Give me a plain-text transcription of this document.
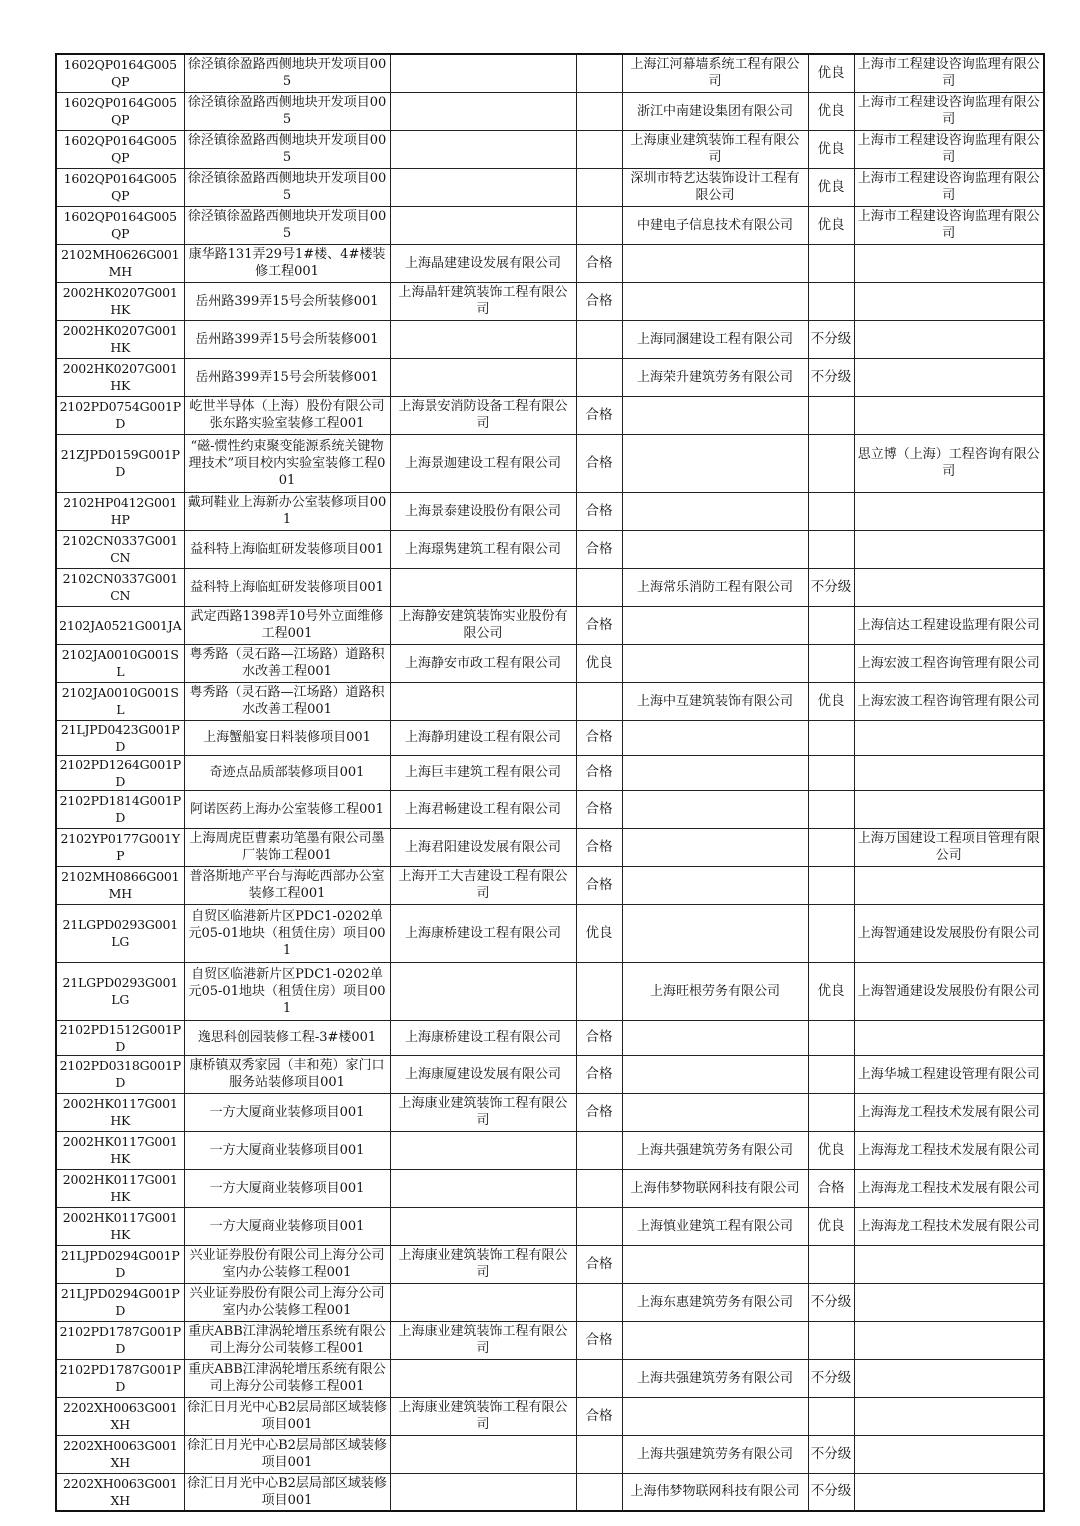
1602QP0164G005QP	徐泾镇徐盈路西侧地块开发项目005			上海江河幕墙系统工程有限公司	优良	上海市工程建设咨询监理有限公司
1602QP0164G005QP	徐泾镇徐盈路西侧地块开发项目005			浙江中南建设集团有限公司	优良	上海市工程建设咨询监理有限公司
1602QP0164G005QP	徐泾镇徐盈路西侧地块开发项目005			上海康业建筑装饰工程有限公司	优良	上海市工程建设咨询监理有限公司
1602QP0164G005QP	徐泾镇徐盈路西侧地块开发项目005			深圳市特艺达装饰设计工程有限公司	优良	上海市工程建设咨询监理有限公司
1602QP0164G005QP	徐泾镇徐盈路西侧地块开发项目005			中建电子信息技术有限公司	优良	上海市工程建设咨询监理有限公司
2102MH0626G001MH	康华路131弄29号1#楼、4#楼装修工程001	上海晶建建设发展有限公司	合格			
2002HK0207G001HK	岳州路399弄15号会所装修001	上海晶轩建筑装饰工程有限公司	合格			
2002HK0207G001HK	岳州路399弄15号会所装修001			上海同溷建设工程有限公司	不分级	
2002HK0207G001HK	岳州路399弄15号会所装修001			上海荣升建筑劳务有限公司	不分级	
2102PD0754G001PD	屹世半导体（上海）股份有限公司张东路实验室装修工程001	上海景安消防设备工程有限公司	合格			
21ZJPD0159G001PD	“磁-惯性约束聚变能源系统关键物理技术”项目校内实验室装修工程001	上海景迦建设工程有限公司	合格			思立博（上海）工程咨询有限公司
2102HP0412G001HP	戴珂鞋业上海新办公室装修项目001	上海景泰建设股份有限公司	合格			
2102CN0337G001CN	益科特上海临虹研发装修项目001	上海璟隽建筑工程有限公司	合格			
2102CN0337G001CN	益科特上海临虹研发装修项目001			上海常乐消防工程有限公司	不分级	
2102JA0521G001JA	武定西路1398弄10号外立面维修工程001	上海静安建筑装饰实业股份有限公司	合格			上海信达工程建设监理有限公司
2102JA0010G001SL	粤秀路（灵石路—江场路）道路积水改善工程001	上海静安市政工程有限公司	优良			上海宏波工程咨询管理有限公司
2102JA0010G001SL	粤秀路（灵石路—江场路）道路积水改善工程001			上海中互建筑装饰有限公司	优良	上海宏波工程咨询管理有限公司
21LJPD0423G001PD	上海蟹船宴日料装修项目001	上海静玥建设工程有限公司	合格			
2102PD1264G001PD	奇迹点品质部装修项目001	上海巨丰建筑工程有限公司	合格			
2102PD1814G001PD	阿诺医药上海办公室装修工程001	上海君畅建设工程有限公司	合格			
2102YP0177G001YP	上海周虎臣曹素功笔墨有限公司墨厂装饰工程001	上海君阳建设发展有限公司	合格			上海万国建设工程项目管理有限公司
2102MH0866G001MH	普洛斯地产平台与海屹西部办公室装修工程001	上海开工大吉建设工程有限公司	合格			
21LGPD0293G001LG	自贸区临港新片区PDC1-0202单元05-01地块（租赁住房）项目001	上海康桥建设工程有限公司	优良			上海智通建设发展股份有限公司
21LGPD0293G001LG	自贸区临港新片区PDC1-0202单元05-01地块（租赁住房）项目001			上海旺根劳务有限公司	优良	上海智通建设发展股份有限公司
2102PD1512G001PD	逸思科创园装修工程-3#楼001	上海康桥建设工程有限公司	合格			
2102PD0318G001PD	康桥镇双秀家园（丰和苑）家门口服务站装修项目001	上海康厦建设发展有限公司	合格			上海华城工程建设管理有限公司
2002HK0117G001HK	一方大厦商业装修项目001	上海康业建筑装饰工程有限公司	合格			上海海龙工程技术发展有限公司
2002HK0117G001HK	一方大厦商业装修项目001			上海共强建筑劳务有限公司	优良	上海海龙工程技术发展有限公司
2002HK0117G001HK	一方大厦商业装修项目001			上海伟梦物联网科技有限公司	合格	上海海龙工程技术发展有限公司
2002HK0117G001HK	一方大厦商业装修项目001			上海慎业建筑工程有限公司	优良	上海海龙工程技术发展有限公司
21LJPD0294G001PD	兴业证券股份有限公司上海分公司室内办公装修工程001	上海康业建筑装饰工程有限公司	合格			
21LJPD0294G001PD	兴业证券股份有限公司上海分公司室内办公装修工程001			上海东惠建筑劳务有限公司	不分级	
2102PD1787G001PD	重庆ABB江津涡轮增压系统有限公司上海分公司装修工程001	上海康业建筑装饰工程有限公司	合格			
2102PD1787G001PD	重庆ABB江津涡轮增压系统有限公司上海分公司装修工程001			上海共强建筑劳务有限公司	不分级	
2202XH0063G001XH	徐汇日月光中心B2层局部区域装修项目001	上海康业建筑装饰工程有限公司	合格			
2202XH0063G001XH	徐汇日月光中心B2层局部区域装修项目001			上海共强建筑劳务有限公司	不分级	
2202XH0063G001XH	徐汇日月光中心B2层局部区域装修项目001			上海伟梦物联网科技有限公司	不分级	
